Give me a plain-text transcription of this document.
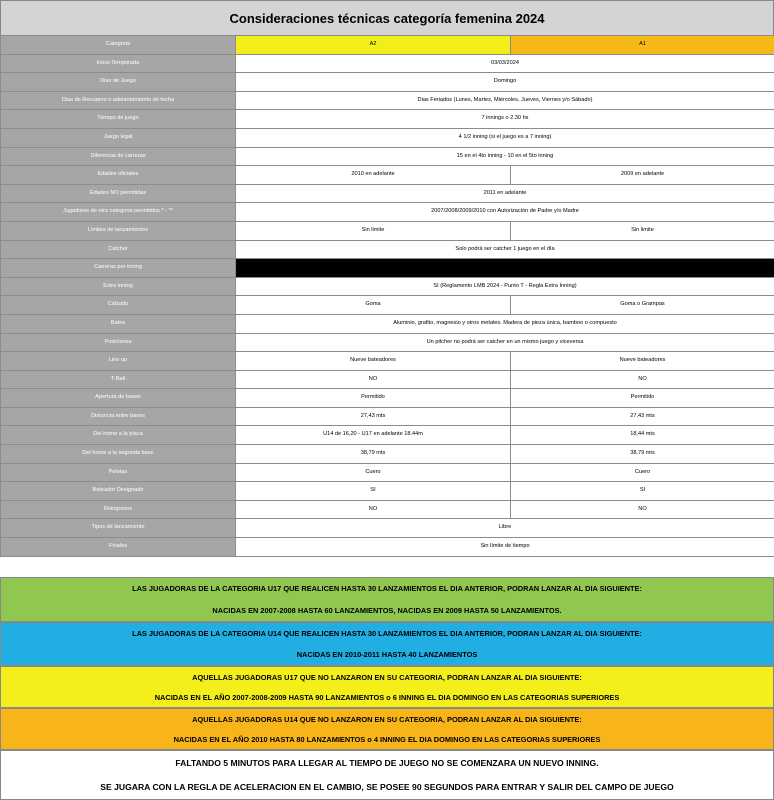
Consideraciones técnicas categoría femenina 2024
Categoria	A2	A1
Inicio Temporada	03/03/2024	
Dias de Juego	Domingo	
Dias de Recupero o adelantamiento de fecha	Dias Feriados (Lunes, Martes, Miércoles, Jueves, Viernes y/o Sábado)	
Tiempo de juego	7 innings o 2.30 hs	
Juego legal	4 1/2 inning (si el juego es a 7 inning)	
Diferencia de carreras	15 en el 4to inning - 10 en el 5to inning	
Edades oficiales	2010 en adelante	2009 en adelante
Edades NO permitidas	2011 en adelante	
Jugadores de otra categoria permitidos * - **	2007/2008/2009/2010 con Autorización de Padre y/o Madre	
Limites de lanzamientos	Sin limite	Sin limite
Catcher	Solo podrá ser catcher 1 juego en el día	
Carreras por inning		
Extra inning	SI (Reglamento LMB 2024 - Punto T - Regla Extra Inning)	
Calzado	Goma	Goma o Grampas
Bates	Aluminio, grafito, magnesio y otros metales. Madera de pieza única, bamboo o compuesto	
Posiciones	Un pitcher no podrá ser catcher en un mismo juego y viceversa	
Line up	Nueve bateadores	Nueve bateadores
T-Ball	NO	NO
Apertura de bases	Permitido	Permitido
Distancia entre bases	27,43 mts	27,43 mts
Del home a la placa	U14 de 16,20 - U17 en adelante 18.44m	18,44 mts
Del home a la segunda base	38,79 mts	38,79 mts
Pelotas	Cuero	Cuero
Bateador Designado	SI	SI
Reingresos	NO	NO
Tipos de lanzamiento	Libre	
Finales	Sin límite de tiempo	
LAS JUGADORAS DE LA CATEGORIA U17 QUE REALICEN HASTA 30 LANZAMIENTOS EL DIA ANTERIOR, PODRAN LANZAR AL DIA SIGUIENTE:
NACIDAS EN 2007-2008 HASTA 60 LANZAMIENTOS, NACIDAS EN 2009 HASTA 50 LANZAMIENTOS.
LAS JUGADORAS DE LA CATEGORIA U14 QUE REALICEN HASTA 30 LANZAMIENTOS EL DIA ANTERIOR, PODRAN LANZAR AL DIA SIGUIENTE:
NACIDAS EN 2010-2011 HASTA 40 LANZAMIENTOS
AQUELLAS JUGADORAS U17 QUE NO LANZARON EN SU CATEGORIA, PODRAN LANZAR AL DIA SIGUIENTE:
NACIDAS EN EL AÑO 2007-2008-2009 HASTA 90 LANZAMIENTOS o 6 INNING EL DIA DOMINGO EN LAS CATEGORIAS SUPERIORES
AQUELLAS JUGADORAS U14 QUE NO LANZARON EN SU CATEGORIA, PODRAN LANZAR AL DIA SIGUIENTE:
NACIDAS EN EL AÑO 2010 HASTA 80 LANZAMIENTOS o 4 INNING EL DIA DOMINGO EN LAS CATEGORIAS SUPERIORES
FALTANDO 5 MINUTOS PARA LLEGAR AL TIEMPO DE JUEGO NO SE COMENZARA UN NUEVO INNING.
SE JUGARA CON LA REGLA DE ACELERACION EN EL CAMBIO, SE POSEE 90 SEGUNDOS PARA ENTRAR Y SALIR DEL CAMPO DE JUEGO
